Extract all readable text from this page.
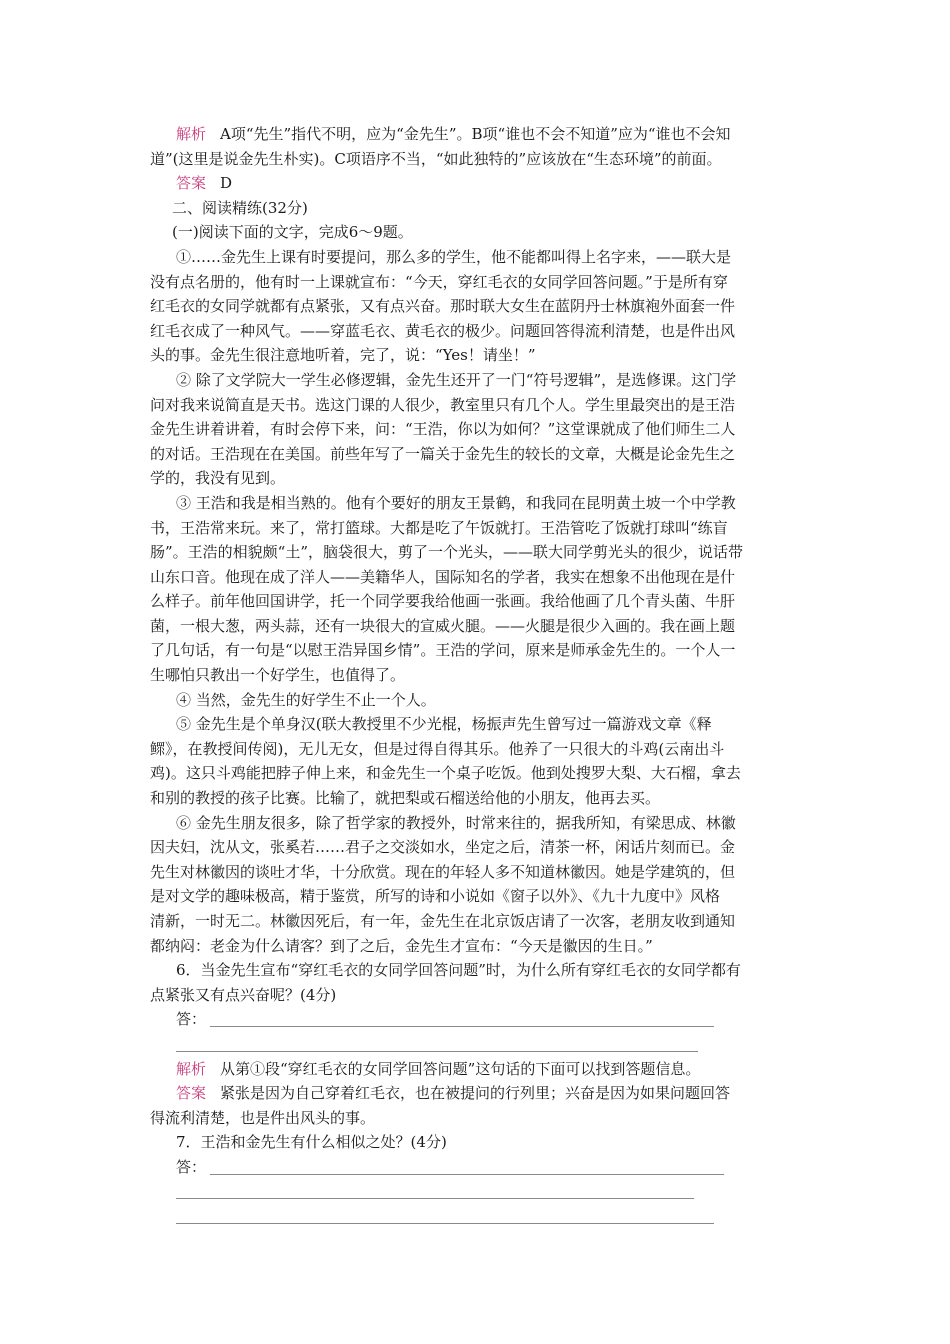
解析 A项“先生”指代不明，应为“金先生”。B项“谁也不会不知道”应为“谁也不会知
道”(这里是说金先生朴实)。C项语序不当，“如此独特的”应该放在“生态环境”的前面。
答案 D
二、阅读精练(32分)
(一)阅读下面的文字，完成6～9题。
①……金先生上课有时要提问，那么多的学生，他不能都叫得上名字来，——联大是
没有点名册的，他有时一上课就宣布：“今天，穿红毛衣的女同学回答问题。”于是所有穿
红毛衣的女同学就都有点紧张，又有点兴奋。那时联大女生在蓝阴丹士林旗袍外面套一件
红毛衣成了一种风气。——穿蓝毛衣、黄毛衣的极少。问题回答得流利清楚，也是件出风
头的事。金先生很注意地听着，完了，说：“Yes！请坐！”
② 除了文学院大一学生必修逻辑，金先生还开了一门“符号逻辑”，是选修课。这门学
问对我来说简直是天书。选这门课的人很少，教室里只有几个人。学生里最突出的是王浩
金先生讲着讲着，有时会停下来，问：“王浩，你以为如何？”这堂课就成了他们师生二人
的对话。王浩现在在美国。前些年写了一篇关于金先生的较长的文章，大概是论金先生之
学的，我没有见到。
③ 王浩和我是相当熟的。他有个要好的朋友王景鹤，和我同在昆明黄土坡一个中学教
书，王浩常来玩。来了，常打篮球。大都是吃了午饭就打。王浩管吃了饭就打球叫“练盲
肠”。王浩的相貌颇“土”，脑袋很大，剪了一个光头，——联大同学剪光头的很少，说话带
山东口音。他现在成了洋人——美籍华人，国际知名的学者，我实在想象不出他现在是什
么样子。前年他回国讲学，托一个同学要我给他画一张画。我给他画了几个青头菌、牛肝
菌，一根大葱，两头蒜，还有一块很大的宣威火腿。——火腿是很少入画的。我在画上题
了几句话，有一句是“以慰王浩异国乡情”。王浩的学问，原来是师承金先生的。一个人一
生哪怕只教出一个好学生，也值得了。
④ 当然，金先生的好学生不止一个人。
⑤ 金先生是个单身汉(联大教授里不少光棍，杨振声先生曾写过一篇游戏文章《释
鳏》，在教授间传阅)，无儿无女，但是过得自得其乐。他养了一只很大的斗鸡(云南出斗
鸡)。这只斗鸡能把脖子伸上来，和金先生一个桌子吃饭。他到处搜罗大梨、大石榴，拿去
和别的教授的孩子比赛。比输了，就把梨或石榴送给他的小朋友，他再去买。
⑥ 金先生朋友很多，除了哲学家的教授外，时常来往的，据我所知，有梁思成、林徽
因夫妇，沈从文，张奚若……君子之交淡如水，坐定之后，清茶一杯，闲话片刻而已。金
先生对林徽因的谈吐才华，十分欣赏。现在的年轻人多不知道林徽因。她是学建筑的，但
是对文学的趣味极高，精于鉴赏，所写的诗和小说如《窗子以外》、《九十九度中》风格
清新，一时无二。林徽因死后，有一年，金先生在北京饭店请了一次客，老朋友收到通知
都纳闷：老金为什么请客？到了之后，金先生才宣布：“今天是徽因的生日。”
6．当金先生宣布“穿红毛衣的女同学回答问题”时，为什么所有穿红毛衣的女同学都有
点紧张又有点兴奋呢？(4分)
答：
解析 从第①段“穿红毛衣的女同学回答问题”这句话的下面可以找到答题信息。
答案 紧张是因为自己穿着红毛衣，也在被提问的行列里；兴奋是因为如果问题回答
得流利清楚，也是件出风头的事。
7．王浩和金先生有什么相似之处？(4分)
答：
